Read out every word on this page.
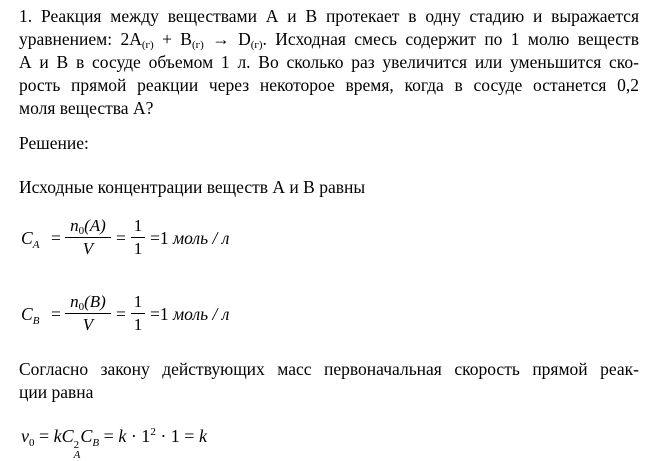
1. Реакция между веществами А и В протекает в одну стадию и выражается
уравнением: $2А_{(г)} + В_{(г)} \to D_{(г)}$. Исходная смесь содержит по 1 молю веществ
А и В в сосуде объемом 1 л. Во сколько раз увеличится или уменьшится ско-
рость прямой реакции через некоторое время, когда в сосуде останется 0,2
моля вещества А?
Решение:
Исходные концентрации веществ А и В равны
$C_A$ =
n0(A)
V
=
1
1
=1 моль / л
$C_B$ =
n0(B)
V
=
1
1
=1 моль / л
Согласно закону действующих масс первоначальная скорость прямой реак-
ции равна
$v_0$ = kC 2
A
$C_B = k \cdot 1^2 \cdot 1 = k$
